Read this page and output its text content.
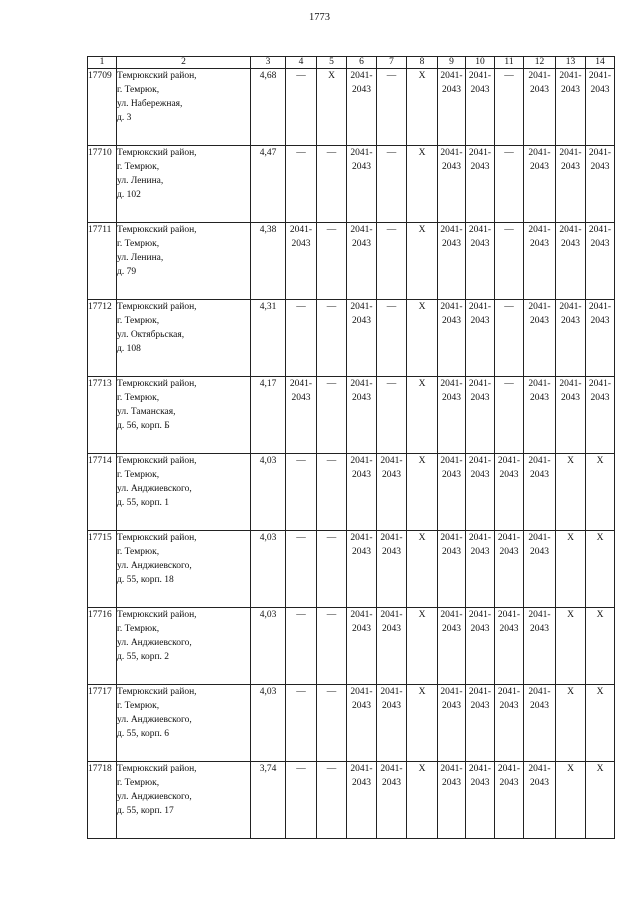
1773
1	2	3	4	5	6	7	8	9	10	11	12	13	14
17709	Темрюкский район,
г. Темрюк,
ул. Набережная,
д. 3	4,68	—	X	2041-
2043	—	X	2041-
2043	2041-
2043	—	2041-
2043	2041-
2043	2041-
2043

17710	Темрюкский район,
г. Темрюк,
ул. Ленина,
д. 102	4,47	—	—	2041-
2043	—	X	2041-
2043	2041-
2043	—	2041-
2043	2041-
2043	2041-
2043

17711	Темрюкский район,
г. Темрюк,
ул. Ленина,
д. 79	4,38	2041-
2043	—	2041-
2043	—	X	2041-
2043	2041-
2043	—	2041-
2043	2041-
2043	2041-
2043

17712	Темрюкский район,
г. Темрюк,
ул. Октябрьская,
д. 108	4,31	—	—	2041-
2043	—	X	2041-
2043	2041-
2043	—	2041-
2043	2041-
2043	2041-
2043

17713	Темрюкский район,
г. Темрюк,
ул. Таманская,
д. 56, корп. Б	4,17	2041-
2043	—	2041-
2043	—	X	2041-
2043	2041-
2043	—	2041-
2043	2041-
2043	2041-
2043

17714	Темрюкский район,
г. Темрюк,
ул. Анджиевского,
д. 55, корп. 1	4,03	—	—	2041-
2043	2041-
2043	X	2041-
2043	2041-
2043	2041-
2043	2041-
2043	X	X

17715	Темрюкский район,
г. Темрюк,
ул. Анджиевского,
д. 55, корп. 18	4,03	—	—	2041-
2043	2041-
2043	X	2041-
2043	2041-
2043	2041-
2043	2041-
2043	X	X

17716	Темрюкский район,
г. Темрюк,
ул. Анджиевского,
д. 55, корп. 2	4,03	—	—	2041-
2043	2041-
2043	X	2041-
2043	2041-
2043	2041-
2043	2041-
2043	X	X

17717	Темрюкский район,
г. Темрюк,
ул. Анджиевского,
д. 55, корп. 6	4,03	—	—	2041-
2043	2041-
2043	X	2041-
2043	2041-
2043	2041-
2043	2041-
2043	X	X

17718	Темрюкский район,
г. Темрюк,
ул. Анджиевского,
д. 55, корп. 17	3,74	—	—	2041-
2043	2041-
2043	X	2041-
2043	2041-
2043	2041-
2043	2041-
2043	X	X
